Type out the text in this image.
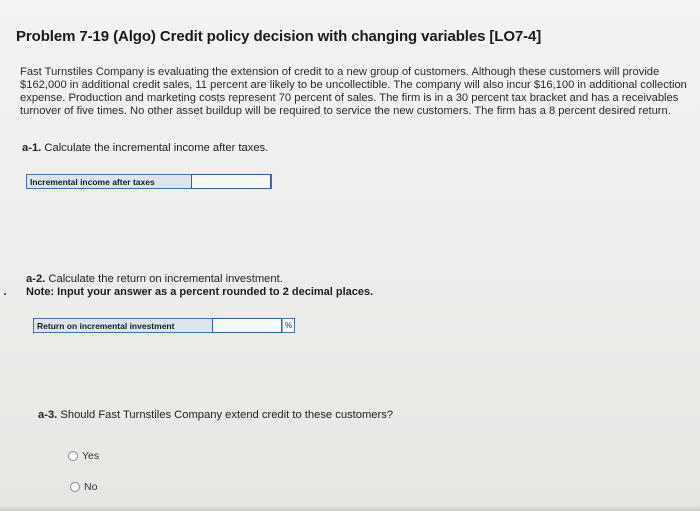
Problem 7-19 (Algo) Credit policy decision with changing variables [LO7-4]
Fast Turnstiles Company is evaluating the extension of credit to a new group of customers. Although these customers will provide $162,000 in additional credit sales, 11 percent are likely to be uncollectible. The company will also incur $16,100 in additional collection expense. Production and marketing costs represent 70 percent of sales. The firm is in a 30 percent tax bracket and has a receivables turnover of five times. No other asset buildup will be required to service the new customers. The firm has a 8 percent desired return.
a-1. Calculate the incremental income after taxes.
Incremental income after taxes
a-2. Calculate the return on incremental investment.
Note: Input your answer as a percent rounded to 2 decimal places.
Return on incremental investment	%
a-3. Should Fast Turnstiles Company extend credit to these customers?
Yes
No
